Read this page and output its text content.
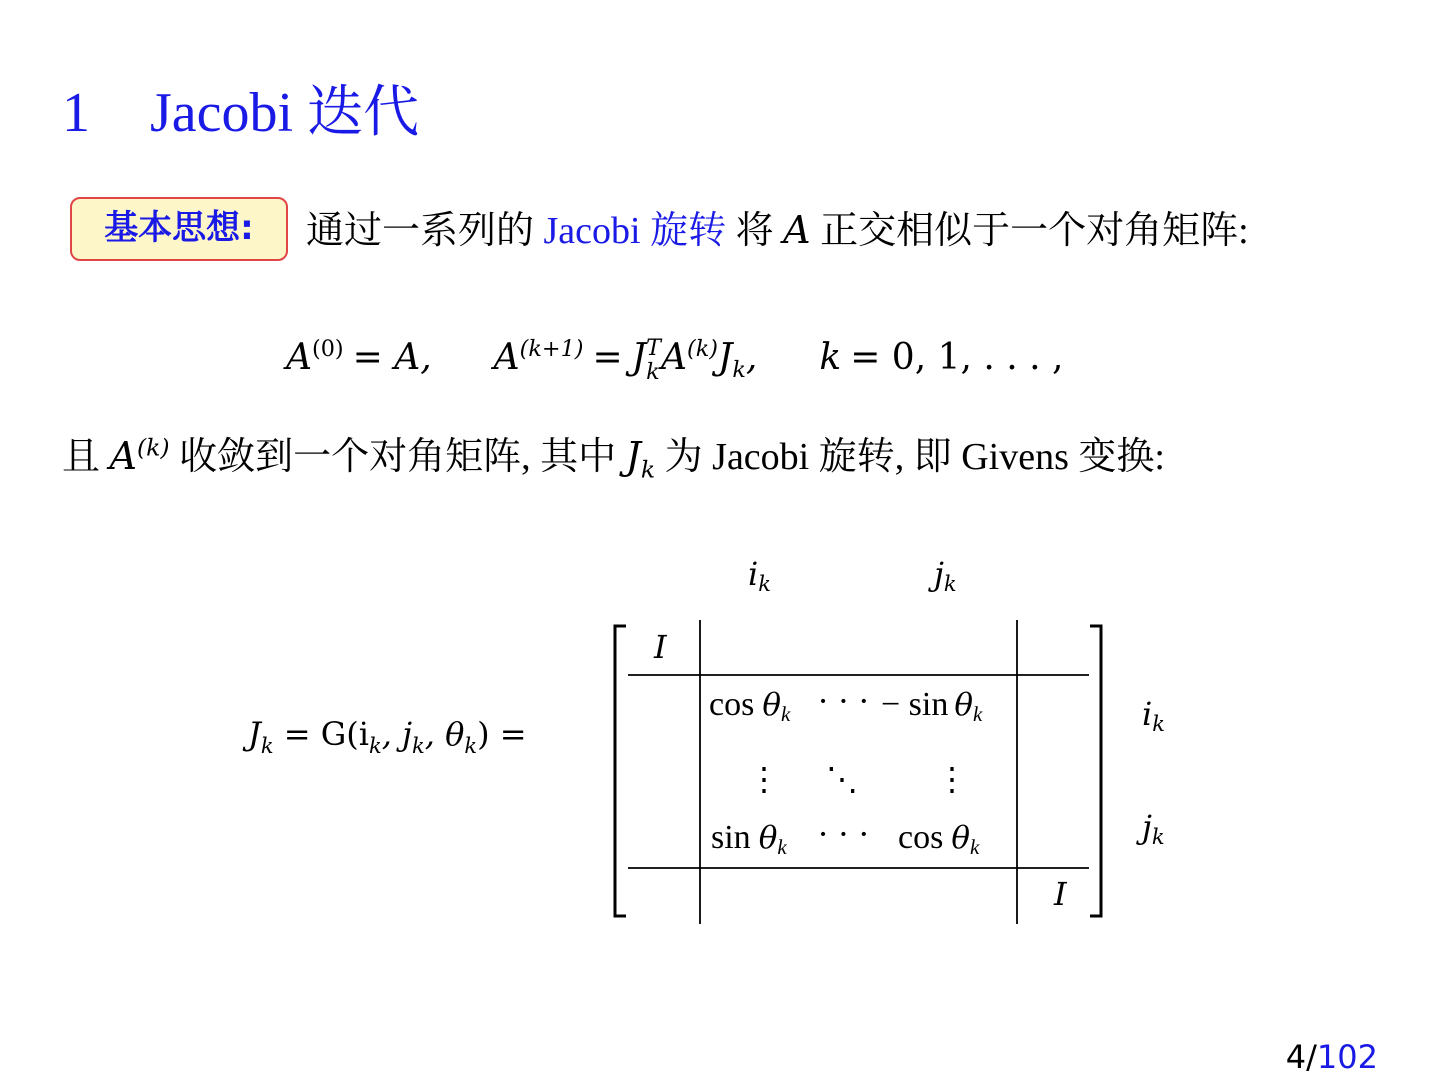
1 Jacobi 迭代
基本思想:	通过一系列的 Jacobi 旋转 将 A 正交相似于一个对角矩阵:
$A^{(0)} = A$, $A^{(k+1)} = J$ T
k $A^{(k)}J_k$, k = 0, 1, . . . ,
且 $A^{(k)}$ 收敛到一个对角矩阵, 其中 $J_k$ 为 Jacobi 旋转, 即 Givens 变换:
$J_k = G(i_k$, $j_k$, $\theta_k$) =
ik	jk
ik
jk
I
I
cos θk · · · − sin θk
⋮ ⋱ ⋮
sin θk · · · cos θk
4/102
